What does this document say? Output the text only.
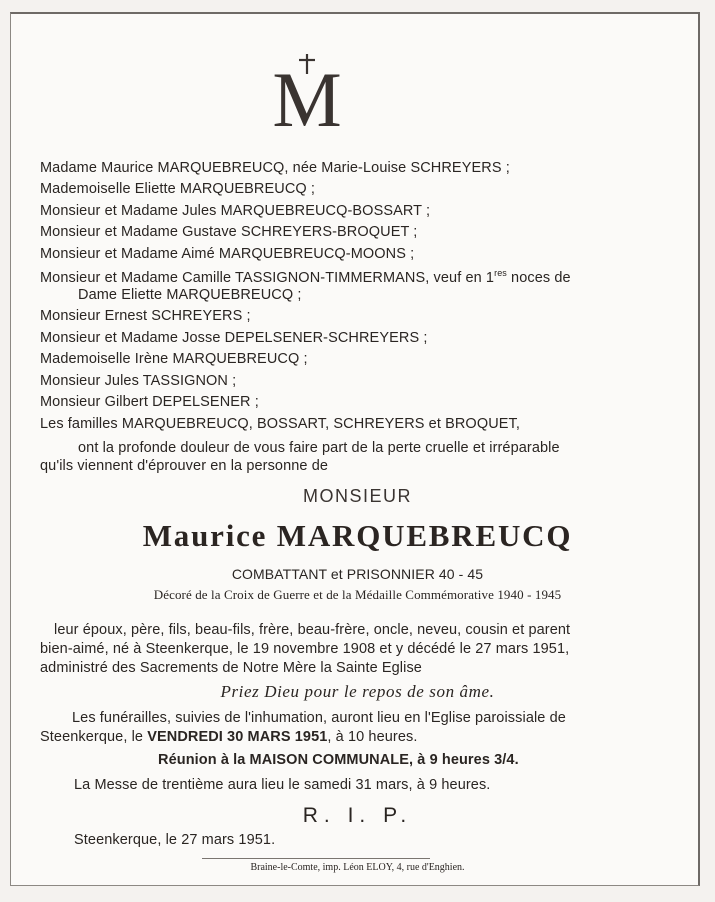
M
Madame Maurice MARQUEBREUCQ, née Marie-Louise SCHREYERS ;
Mademoiselle Eliette MARQUEBREUCQ ;
Monsieur et Madame Jules MARQUEBREUCQ-BOSSART ;
Monsieur et Madame Gustave SCHREYERS-BROQUET ;
Monsieur et Madame Aimé MARQUEBREUCQ-MOONS ;
Monsieur et Madame Camille TASSIGNON-TIMMERMANS, veuf en 1res noces de
Dame Eliette MARQUEBREUCQ ;
Monsieur Ernest SCHREYERS ;
Monsieur et Madame Josse DEPELSENER-SCHREYERS ;
Mademoiselle Irène MARQUEBREUCQ ;
Monsieur Jules TASSIGNON ;
Monsieur Gilbert DEPELSENER ;
Les familles MARQUEBREUCQ, BOSSART, SCHREYERS et BROQUET,
ont la profonde douleur de vous faire part de la perte cruelle et irréparable
qu'ils viennent d'éprouver en la personne de
MONSIEUR
Maurice MARQUEBREUCQ
COMBATTANT et PRISONNIER 40 - 45
Décoré de la Croix de Guerre et de la Médaille Commémorative 1940 - 1945
leur époux, père, fils, beau-fils, frère, beau-frère, oncle, neveu, cousin et parent
bien-aimé, né à Steenkerque, le 19 novembre 1908 et y décédé le 27 mars 1951,
administré des Sacrements de Notre Mère la Sainte Eglise
Priez Dieu pour le repos de son âme.
Les funérailles, suivies de l'inhumation, auront lieu en l'Eglise paroissiale de
Steenkerque, le VENDREDI 30 MARS 1951, à 10 heures.
Réunion à la MAISON COMMUNALE, à 9 heures 3/4.
La Messe de trentième aura lieu le samedi 31 mars, à 9 heures.
R. I. P.
Steenkerque, le 27 mars 1951.
Braine-le-Comte, imp. Léon ELOY, 4, rue d'Enghien.
